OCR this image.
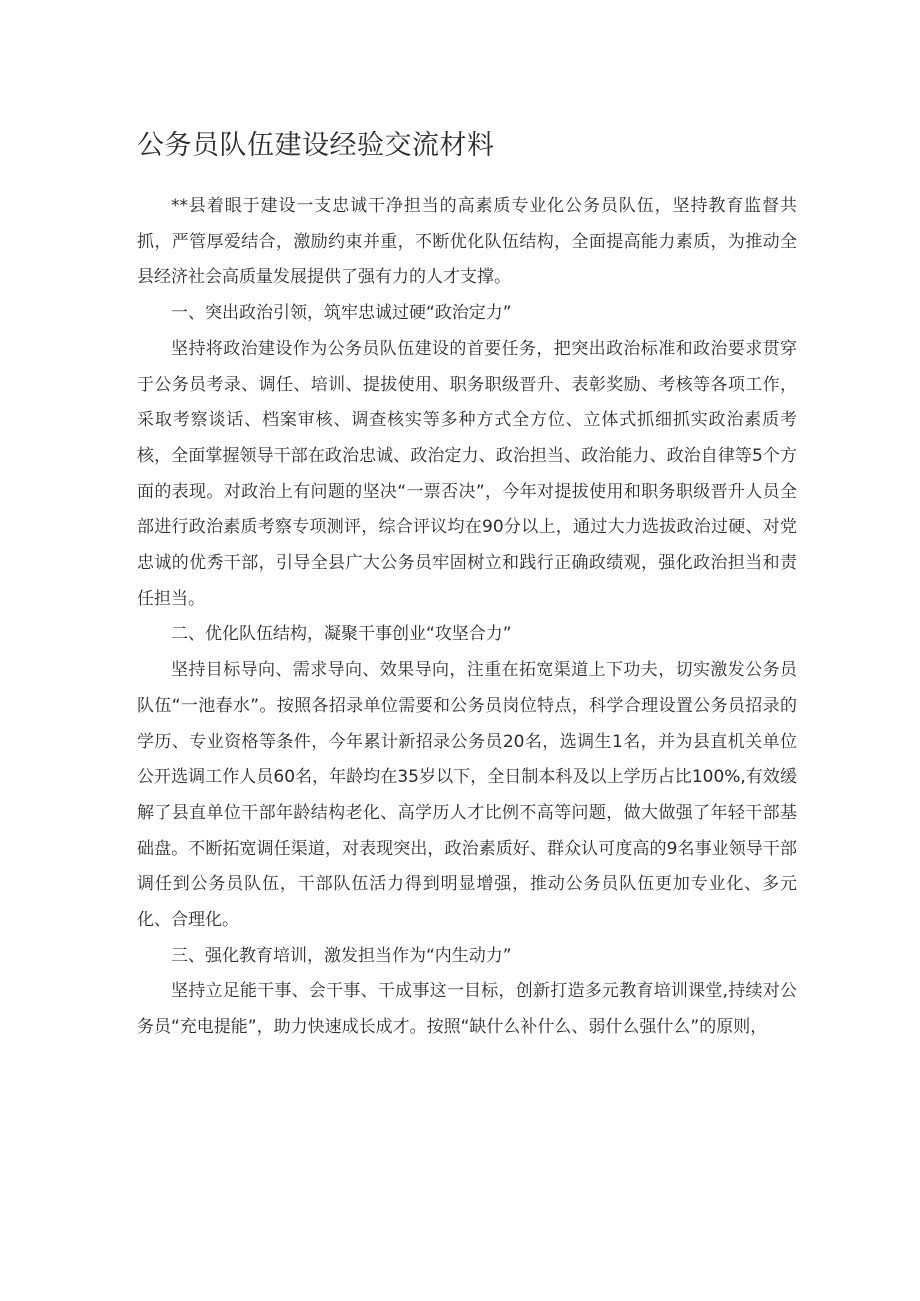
公务员队伍建设经验交流材料

**县着眼于建设一支忠诚干净担当的高素质专业化公务员队伍，坚持教育监督共抓，严管厚爱结合，激励约束并重，不断优化队伍结构，全面提高能力素质，为推动全县经济社会高质量发展提供了强有力的人才支撑。

一、突出政治引领，筑牢忠诚过硬“政治定力”

坚持将政治建设作为公务员队伍建设的首要任务，把突出政治标准和政治要求贯穿于公务员考录、调任、培训、提拔使用、职务职级晋升、表彰奖励、考核等各项工作，采取考察谈话、档案审核、调查核实等多种方式全方位、立体式抓细抓实政治素质考核，全面掌握领导干部在政治忠诚、政治定力、政治担当、政治能力、政治自律等5个方面的表现。对政治上有问题的坚决“一票否决”，今年对提拔使用和职务职级晋升人员全部进行政治素质考察专项测评，综合评议均在90分以上，通过大力选拔政治过硬、对党忠诚的优秀干部，引导全县广大公务员牢固树立和践行正确政绩观，强化政治担当和责任担当。

二、优化队伍结构，凝聚干事创业“攻坚合力”

坚持目标导向、需求导向、效果导向，注重在拓宽渠道上下功夫，切实激发公务员队伍“一池春水”。按照各招录单位需要和公务员岗位特点，科学合理设置公务员招录的学历、专业资格等条件，今年累计新招录公务员20名，选调生1名，并为县直机关单位公开选调工作人员60名，年龄均在35岁以下，全日制本科及以上学历占比100%,有效缓解了县直单位干部年龄结构老化、高学历人才比例不高等问题，做大做强了年轻干部基础盘。不断拓宽调任渠道，对表现突出，政治素质好、群众认可度高的9名事业领导干部调任到公务员队伍，干部队伍活力得到明显增强，推动公务员队伍更加专业化、多元化、合理化。

三、强化教育培训，激发担当作为“内生动力”

坚持立足能干事、会干事、干成事这一目标，创新打造多元教育培训课堂,持续对公务员“充电提能”，助力快速成长成才。按照“缺什么补什么、弱什么强什么”的原则，
